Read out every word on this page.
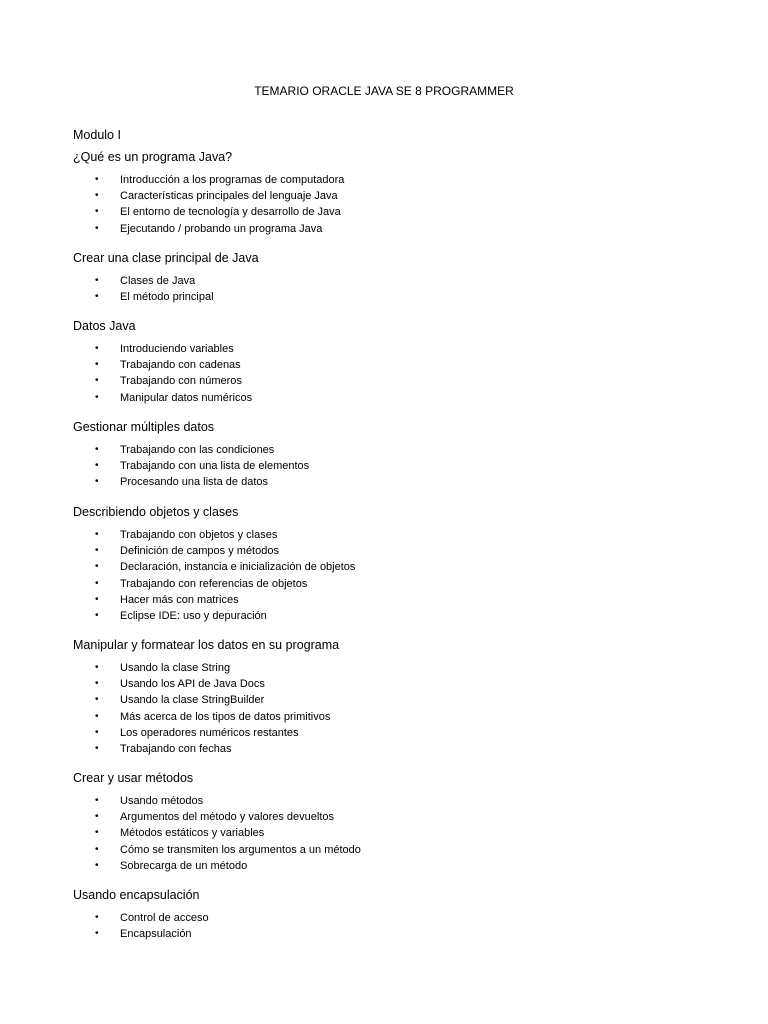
TEMARIO ORACLE JAVA SE 8 PROGRAMMER
Modulo I
¿Qué es un programa Java?
• Introducción a los programas de computadora
• Características principales del lenguaje Java
• El entorno de tecnología y desarrollo de Java
• Ejecutando / probando un programa Java
Crear una clase principal de Java
• Clases de Java
• El método principal
Datos Java
• Introduciendo variables
• Trabajando con cadenas
• Trabajando con números
• Manipular datos numéricos
Gestionar múltiples datos
• Trabajando con las condiciones
• Trabajando con una lista de elementos
• Procesando una lista de datos
Describiendo objetos y clases
• Trabajando con objetos y clases
• Definición de campos y métodos
• Declaración, instancia e inicialización de objetos
• Trabajando con referencias de objetos
• Hacer más con matrices
• Eclipse IDE: uso y depuración
Manipular y formatear los datos en su programa
• Usando la clase String
• Usando los API de Java Docs
• Usando la clase StringBuilder
• Más acerca de los tipos de datos primitivos
• Los operadores numéricos restantes
• Trabajando con fechas
Crear y usar métodos
• Usando métodos
• Argumentos del método y valores devueltos
• Métodos estáticos y variables
• Cómo se transmiten los argumentos a un método
• Sobrecarga de un método
Usando encapsulación
• Control de acceso
• Encapsulación
